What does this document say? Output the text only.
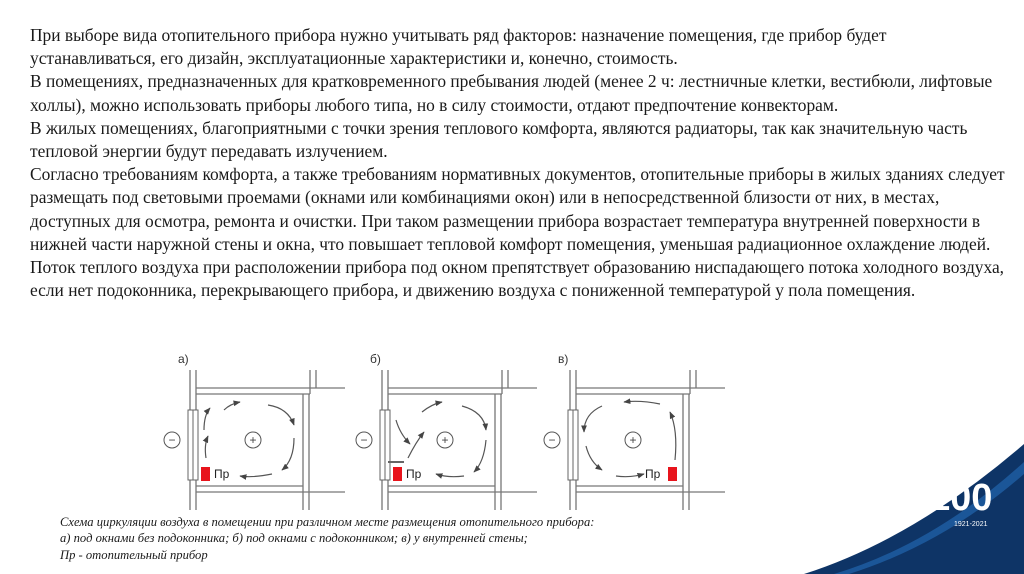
При выборе вида отопительного прибора нужно учитывать ряд факторов: назначение помещения, где прибор будет устанавливаться, его дизайн, эксплуатационные характеристики и, конечно, стоимость.

В помещениях, предназначенных для кратковременного пребывания людей (менее 2 ч: лестничные клетки, вестибюли, лифтовые холлы), можно использовать приборы любого типа, но в силу стоимости, отдают предпочтение конвекторам.

В жилых помещениях, благоприятными с точки зрения теплового комфорта, являются радиаторы, так как значительную часть тепловой энергии будут передавать излучением.

Согласно требованиям комфорта, а также требованиям нормативных документов, отопительные приборы в жилых зданиях следует размещать под световыми проемами (окнами или комбинациями окон) или в непосредственной близости от них, в местах, доступных для осмотра, ремонта и очистки. При таком размещении прибора возрастает температура внутренней поверхности в нижней части наружной стены и окна, что повышает тепловой комфорт помещения, уменьшая радиационное охлаждение людей. Поток теплого воздуха при расположении прибора под окном препятствует образованию ниспадающего потока холодного воздуха, если нет подоконника, перекрывающего прибора, и движению воздуха с пониженной температурой у пола помещения.

а)	б)	в)
−	+
Пр
−	+
Пр
−	+
Пр

Схема циркуляции воздуха в помещении при различном месте размещения отопительного прибора:

а) под окнами без подоконника; б) под окнами с подоконником; в) у внутренней стены;

Пр - отопительный прибор

100
1921-2021
